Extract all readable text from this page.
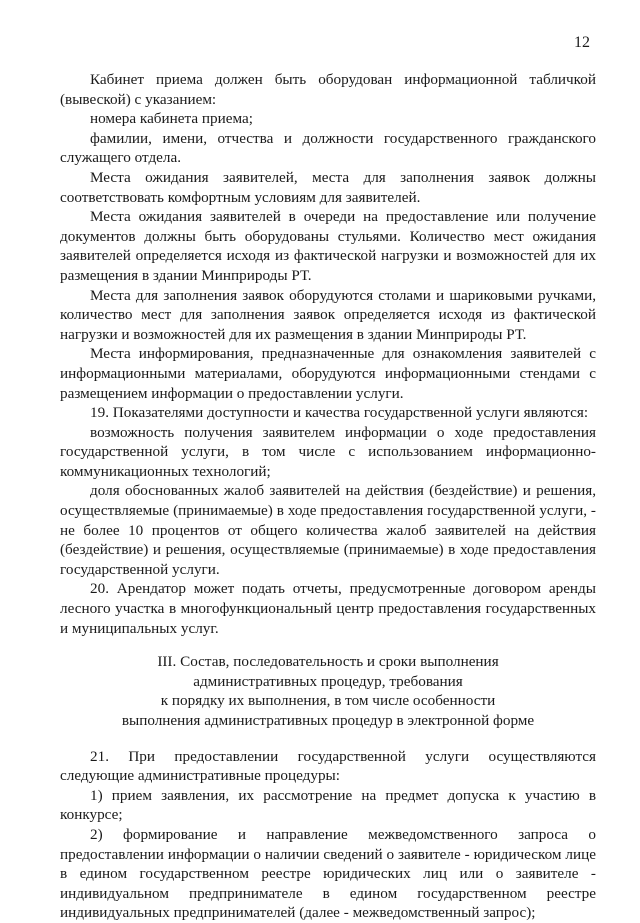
12

Кабинет приема должен быть оборудован информационной табличкой (вывеской) с указанием:

номера кабинета приема;

фамилии, имени, отчества и должности государственного гражданского служащего отдела.

Места ожидания заявителей, места для заполнения заявок должны соответствовать комфортным условиям для заявителей.

Места ожидания заявителей в очереди на предоставление или получение документов должны быть оборудованы стульями. Количество мест ожидания заявителей определяется исходя из фактической нагрузки и возможностей для их размещения в здании Минприроды РТ.

Места для заполнения заявок оборудуются столами и шариковыми ручками, количество мест для заполнения заявок определяется исходя из фактической нагрузки и возможностей для их размещения в здании Минприроды РТ.

Места информирования, предназначенные для ознакомления заявителей с информационными материалами, оборудуются информационными стендами с размещением информации о предоставлении услуги.

19. Показателями доступности и качества государственной услуги являются:

возможность получения заявителем информации о ходе предоставления государственной услуги, в том числе с использованием информационно-коммуникационных технологий;

доля обоснованных жалоб заявителей на действия (бездействие) и решения, осуществляемые (принимаемые) в ходе предоставления государственной услуги, - не более 10 процентов от общего количества жалоб заявителей на действия (бездействие) и решения, осуществляемые (принимаемые) в ходе предоставления государственной услуги.

20. Арендатор может подать отчеты, предусмотренные договором аренды лесного участка в многофункциональный центр предоставления государственных и муниципальных услуг.

III. Состав, последовательность и сроки выполнения
административных процедур, требования
к порядку их выполнения, в том числе особенности
выполнения административных процедур в электронной форме

21. При предоставлении государственной услуги осуществляются следующие административные процедуры:

1) прием заявления, их рассмотрение на предмет допуска к участию в конкурсе;

2) формирование и направление межведомственного запроса о предоставлении информации о наличии сведений о заявителе - юридическом лице в едином государственном реестре юридических лиц или о заявителе - индивидуальном предпринимателе в едином государственном реестре индивидуальных предпринимателей (далее - межведомственный запрос);
